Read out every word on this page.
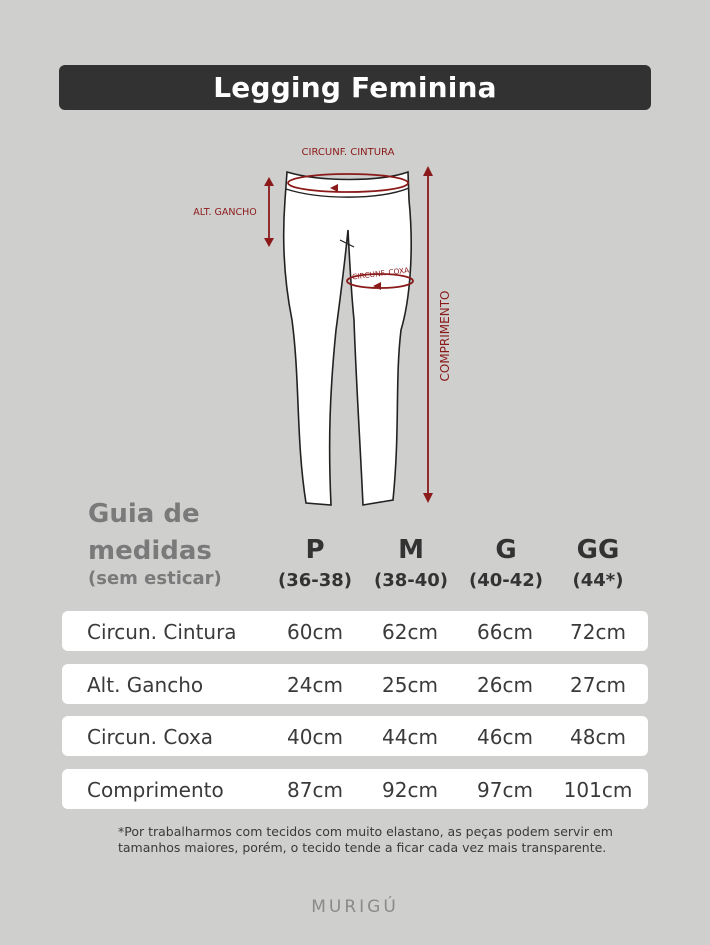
Legging Feminina
CIRCUNF. CINTURA
ALT. GANCHO
CIRCUNF. COXA
COMPRIMENTO
Guia de
medidas
(sem esticar)
P
(36-38)
M
(38-40)
G
(40-42)
GG
(44*)
Circun. Cintura	60cm	62cm	66cm	72cm
Alt. Gancho	24cm	25cm	26cm	27cm
Circun. Coxa	40cm	44cm	46cm	48cm
Comprimento	87cm	92cm	97cm	101cm
*Por trabalharmos com tecidos com muito elastano, as peças podem servir em
tamanhos maiores, porém, o tecido tende a ficar cada vez mais transparente.
MURIGÚ
